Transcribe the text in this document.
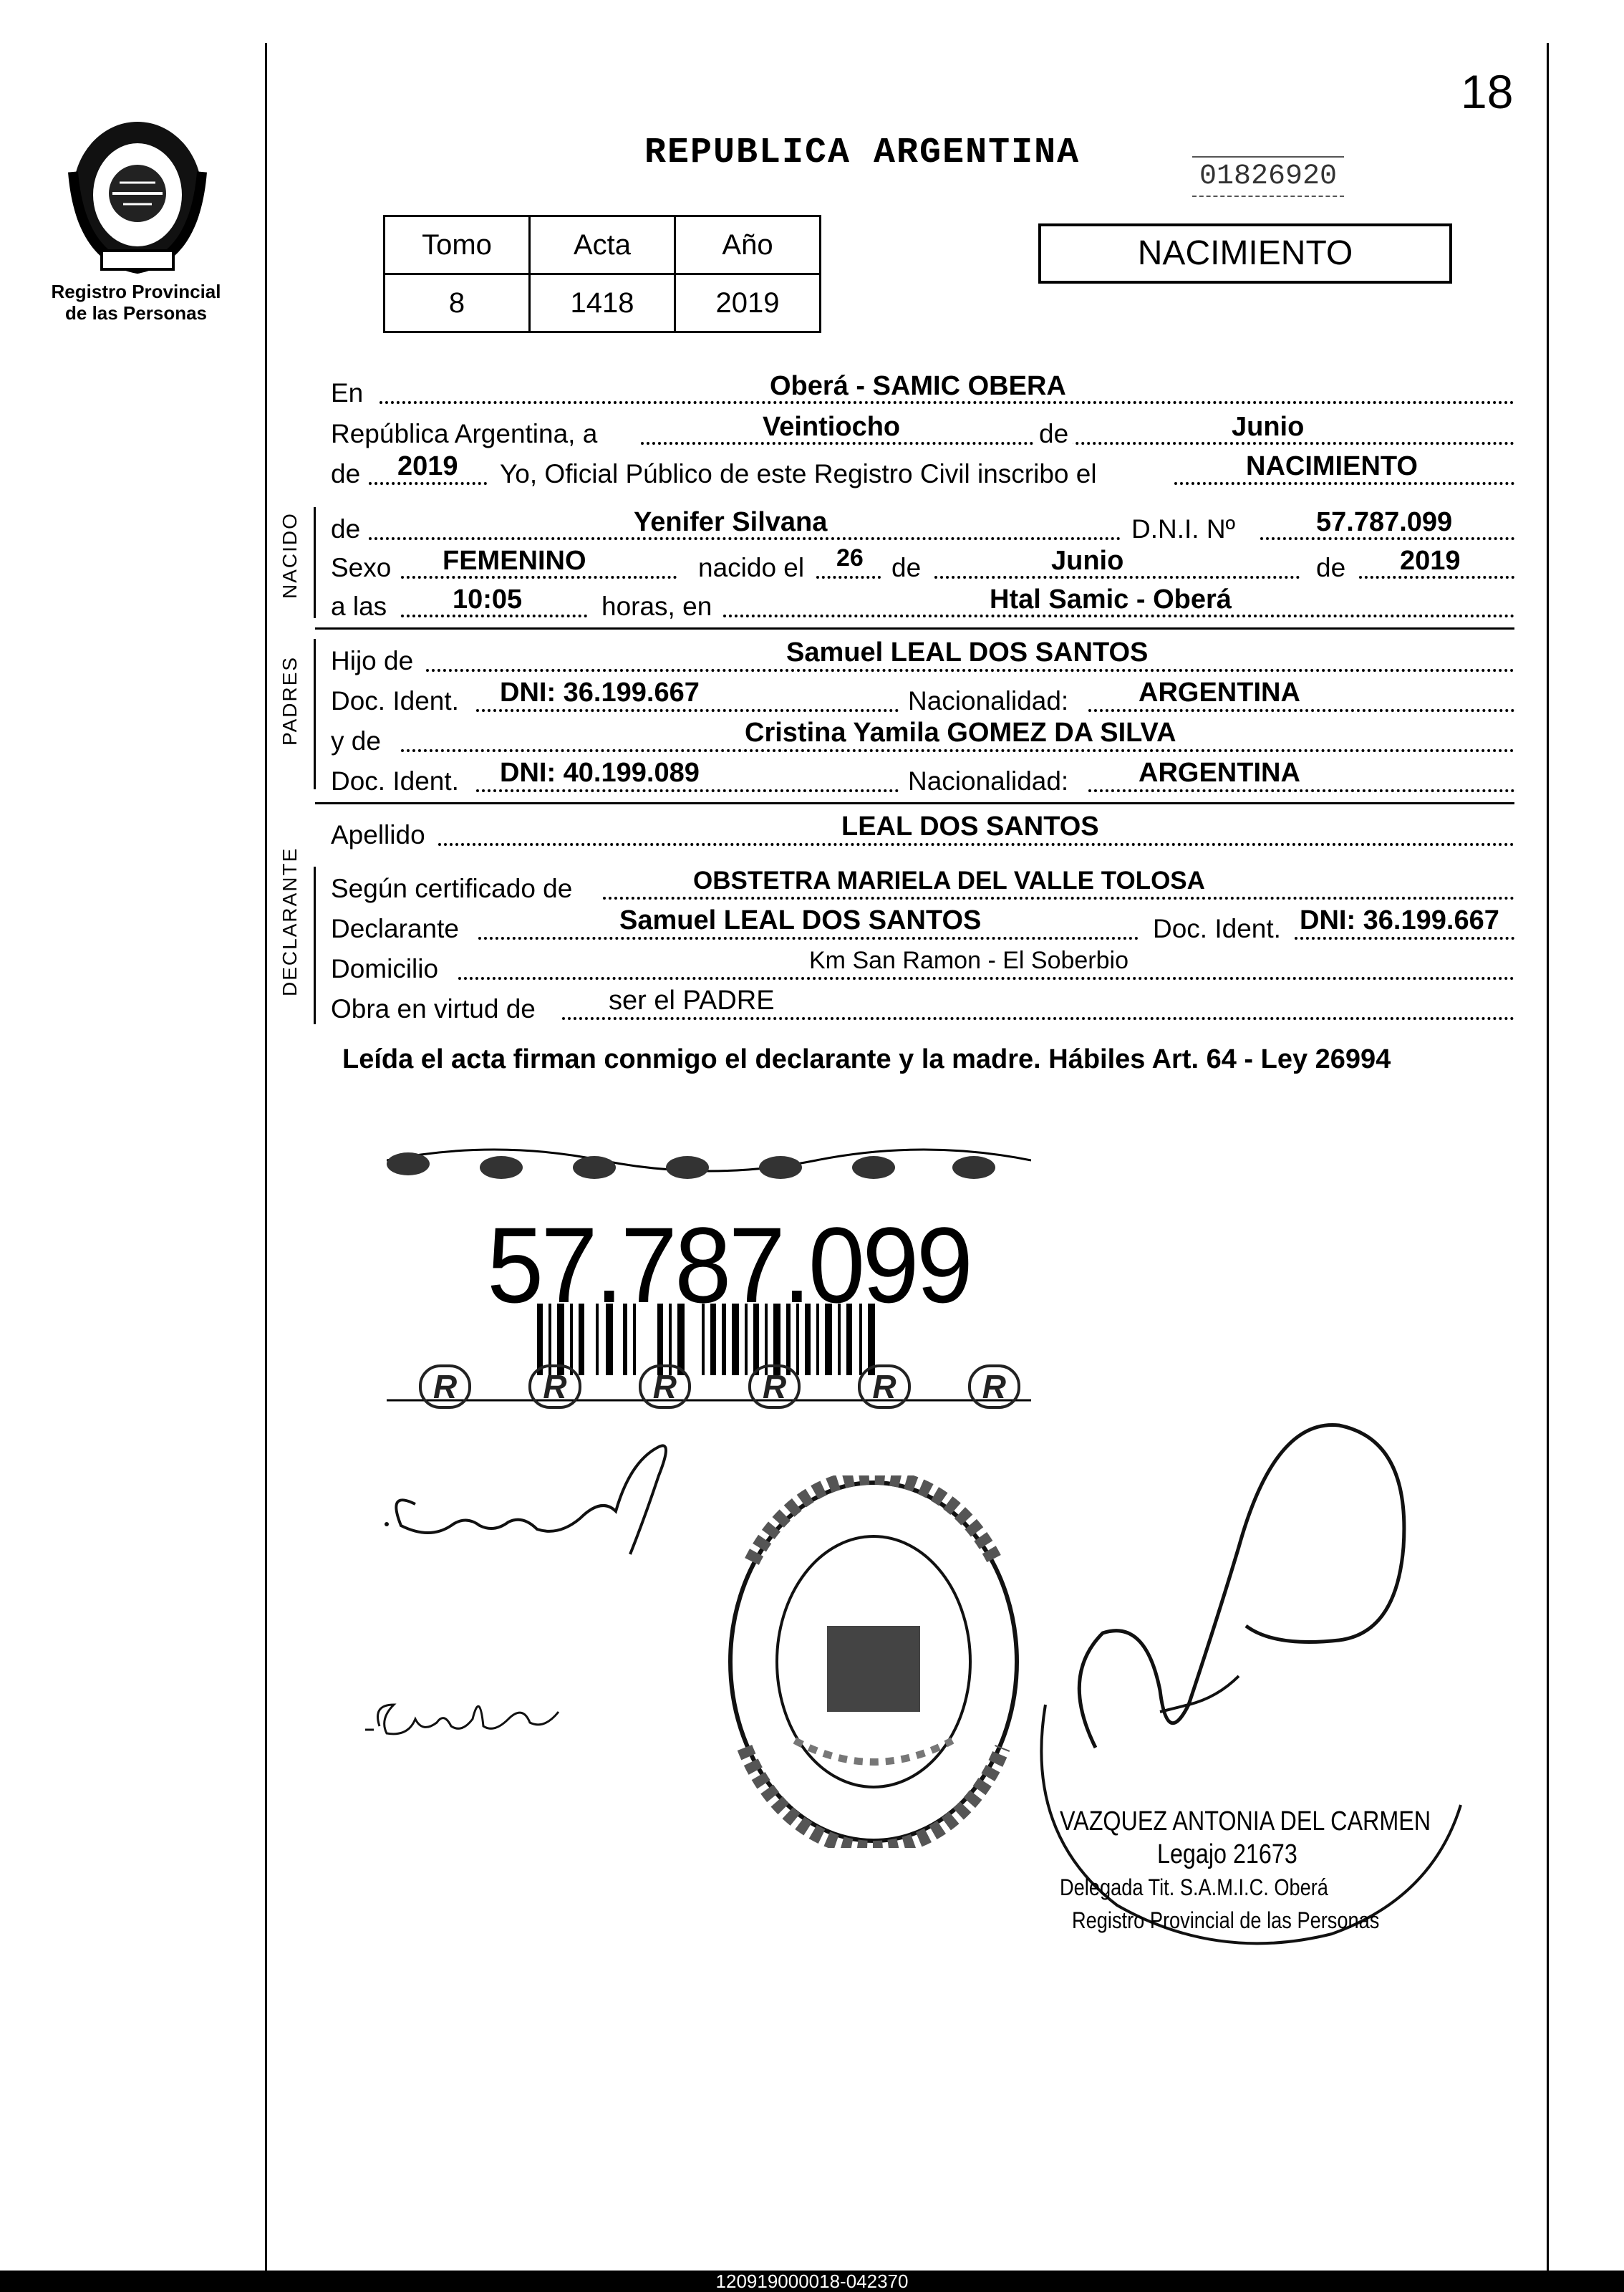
18
Registro Provincial
de las Personas
REPUBLICA ARGENTINA
01826920
Tomo	Acta	Año
8	1418	2019
NACIMIENTO
En	Oberá - SAMIC OBERA
República Argentina, a	Veintiocho	de	Junio
de 2019 Yo, Oficial Público de este Registro Civil inscribo el	NACIMIENTO
NACIDO de	Yenifer Silvana	D.N.I. Nº	57.787.099
Sexo FEMENINO	nacido el 26 de	Junio	de 2019
a las 10:05	horas, en	Htal Samic - Oberá
PADRES Hijo de	Samuel LEAL DOS SANTOS
Doc. Ident. DNI: 36.199.667	Nacionalidad:	ARGENTINA
y de	Cristina Yamila GOMEZ DA SILVA
Doc. Ident. DNI: 40.199.089	Nacionalidad:	ARGENTINA
Apellido	LEAL DOS SANTOS
DECLARANTE Según certificado de	OBSTETRA MARIELA DEL VALLE TOLOSA
Declarante	Samuel LEAL DOS SANTOS	Doc. Ident. DNI: 36.199.667
Domicilio	Km San Ramon - El Soberbio
Obra en virtud de	ser el PADRE
Leída el acta firman conmigo el declarante y la madre. Hábiles Art. 64 - Ley 26994
57.787.099
R	R	R	R	R	R
VAZQUEZ ANTONIA DEL CARMEN
Legajo 21673
Delegada Tit. S.A.M.I.C. Oberá
Registro Provincial de las Personas
120919000018-042370
